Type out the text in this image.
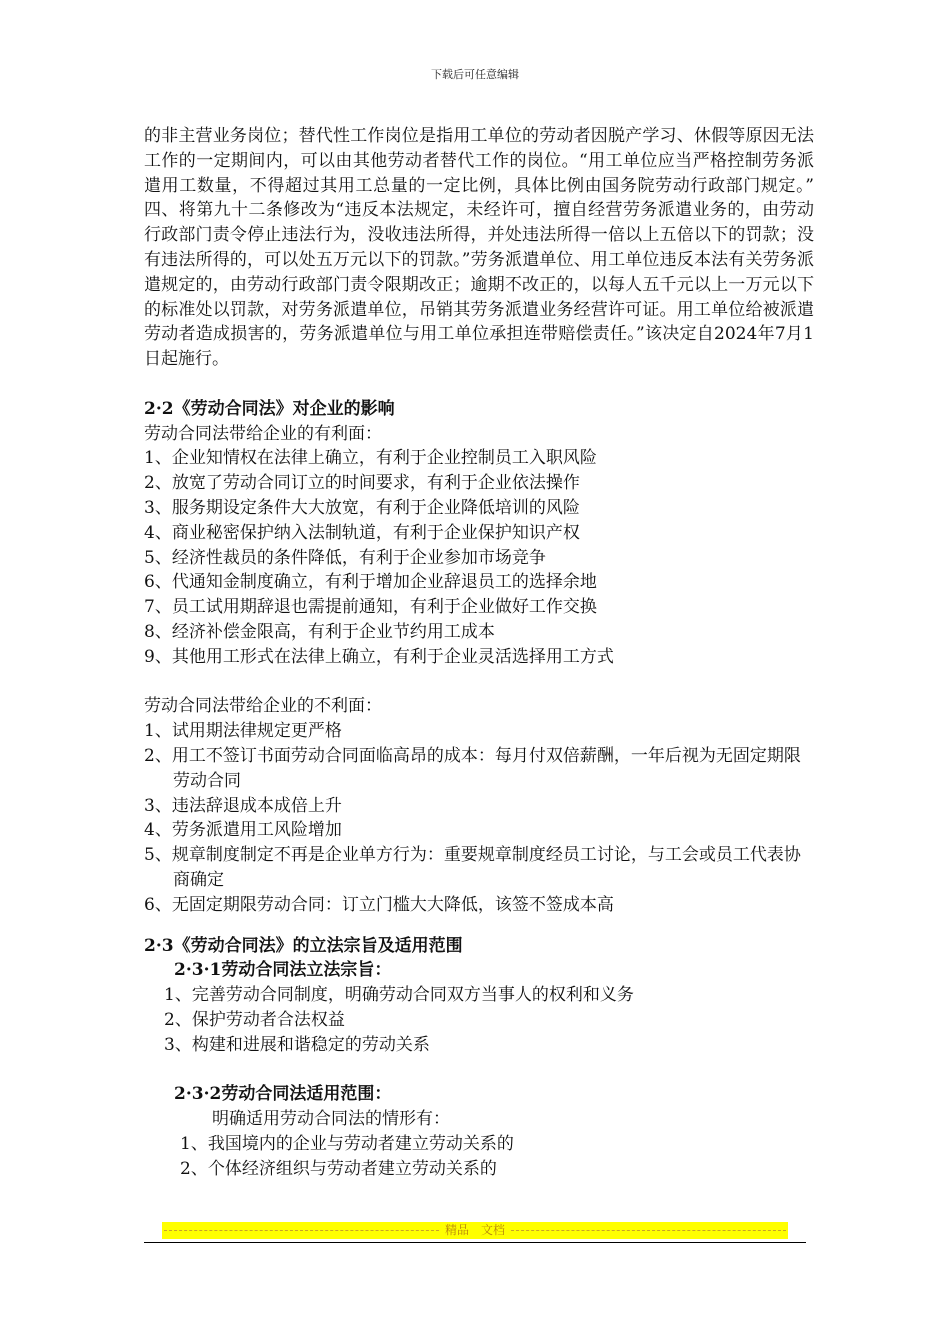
下载后可任意编辑

的非主营业务岗位；替代性工作岗位是指用工单位的劳动者因脱产学习、休假等原因无法工作的一定期间内，可以由其他劳动者替代工作的岗位。“用工单位应当严格控制劳务派遣用工数量，不得超过其用工总量的一定比例，具体比例由国务院劳动行政部门规定。”　四、将第九十二条修改为“违反本法规定，未经许可，擅自经营劳务派遣业务的，由劳动行政部门责令停止违法行为，没收违法所得，并处违法所得一倍以上五倍以下的罚款；没有违法所得的，可以处五万元以下的罚款。”劳务派遣单位、用工单位违反本法有关劳务派遣规定的，由劳动行政部门责令限期改正；逾期不改正的，以每人五千元以上一万元以下的标准处以罚款，对劳务派遣单位，吊销其劳务派遣业务经营许可证。用工单位给被派遣劳动者造成损害的，劳务派遣单位与用工单位承担连带赔偿责任。”该决定自2024年7月1日起施行。

2·2《劳动合同法》对企业的影响

劳动合同法带给企业的有利面：

1、企业知情权在法律上确立，有利于企业控制员工入职风险

2、放宽了劳动合同订立的时间要求，有利于企业依法操作

3、服务期设定条件大大放宽，有利于企业降低培训的风险

4、商业秘密保护纳入法制轨道，有利于企业保护知识产权

5、经济性裁员的条件降低，有利于企业参加市场竞争

6、代通知金制度确立，有利于增加企业辞退员工的选择余地

7、员工试用期辞退也需提前通知，有利于企业做好工作交换

8、经济补偿金限高，有利于企业节约用工成本

9、其他用工形式在法律上确立，有利于企业灵活选择用工方式

劳动合同法带给企业的不利面：

1、试用期法律规定更严格

2、用工不签订书面劳动合同面临高昂的成本：每月付双倍薪酬，一年后视为无固定期限劳动合同

3、违法辞退成本成倍上升

4、劳务派遣用工风险增加

5、规章制度制定不再是企业单方行为：重要规章制度经员工讨论，与工会或员工代表协商确定

6、无固定期限劳动合同：订立门槛大大降低，该签不签成本高

2·3《劳动合同法》的立法宗旨及适用范围

2·3·1劳动合同法立法宗旨：

1、完善劳动合同制度，明确劳动合同双方当事人的权利和义务

2、保护劳动者合法权益

3、构建和进展和谐稳定的劳动关系

2·3·2劳动合同法适用范围：

明确适用劳动合同法的情形有：

1、我国境内的企业与劳动者建立劳动关系的

2、个体经济组织与劳动者建立劳动关系的

精品　文档
